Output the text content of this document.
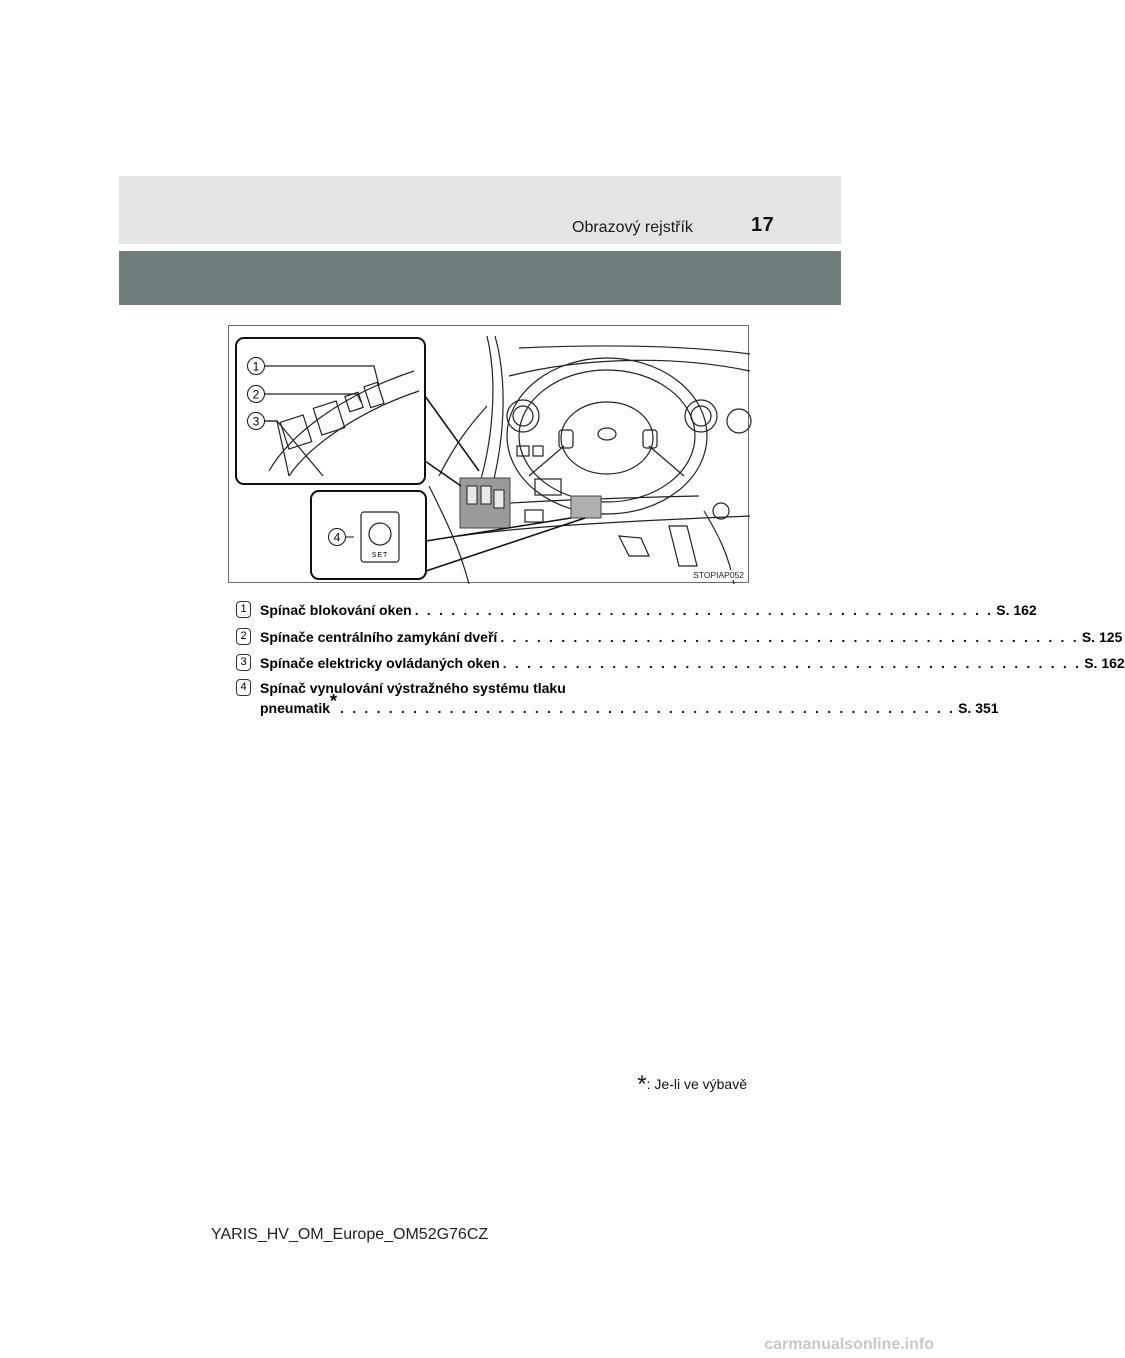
Obrazový rejstřík	17
1
2
3
4
SET
STOPIAP052
1 Spínač blokování oken . . . . . . . . . . . . . . . . . . . . . . . . . . . . . . . . . . . . . . . . . . . . . . . . S. 162
2 Spínače centrálního zamykání dveří . . . . . . . . . . . . . . . . . . . . . . . . . . . . . . . . . . . . . . . . . . . . . . . . S. 125
3 Spínače elektricky ovládaných oken . . . . . . . . . . . . . . . . . . . . . . . . . . . . . . . . . . . . . . . . . . . . . . . . S. 162
4 Spínač vynulování výstražného systému tlaku
pneumatik* . . . . . . . . . . . . . . . . . . . . . . . . . . . . . . . . . . . . . . . . . . . . . . . . . . . S. 351
*: Je-li ve výbavě
YARIS_HV_OM_Europe_OM52G76CZ
carmanualsonline.info
